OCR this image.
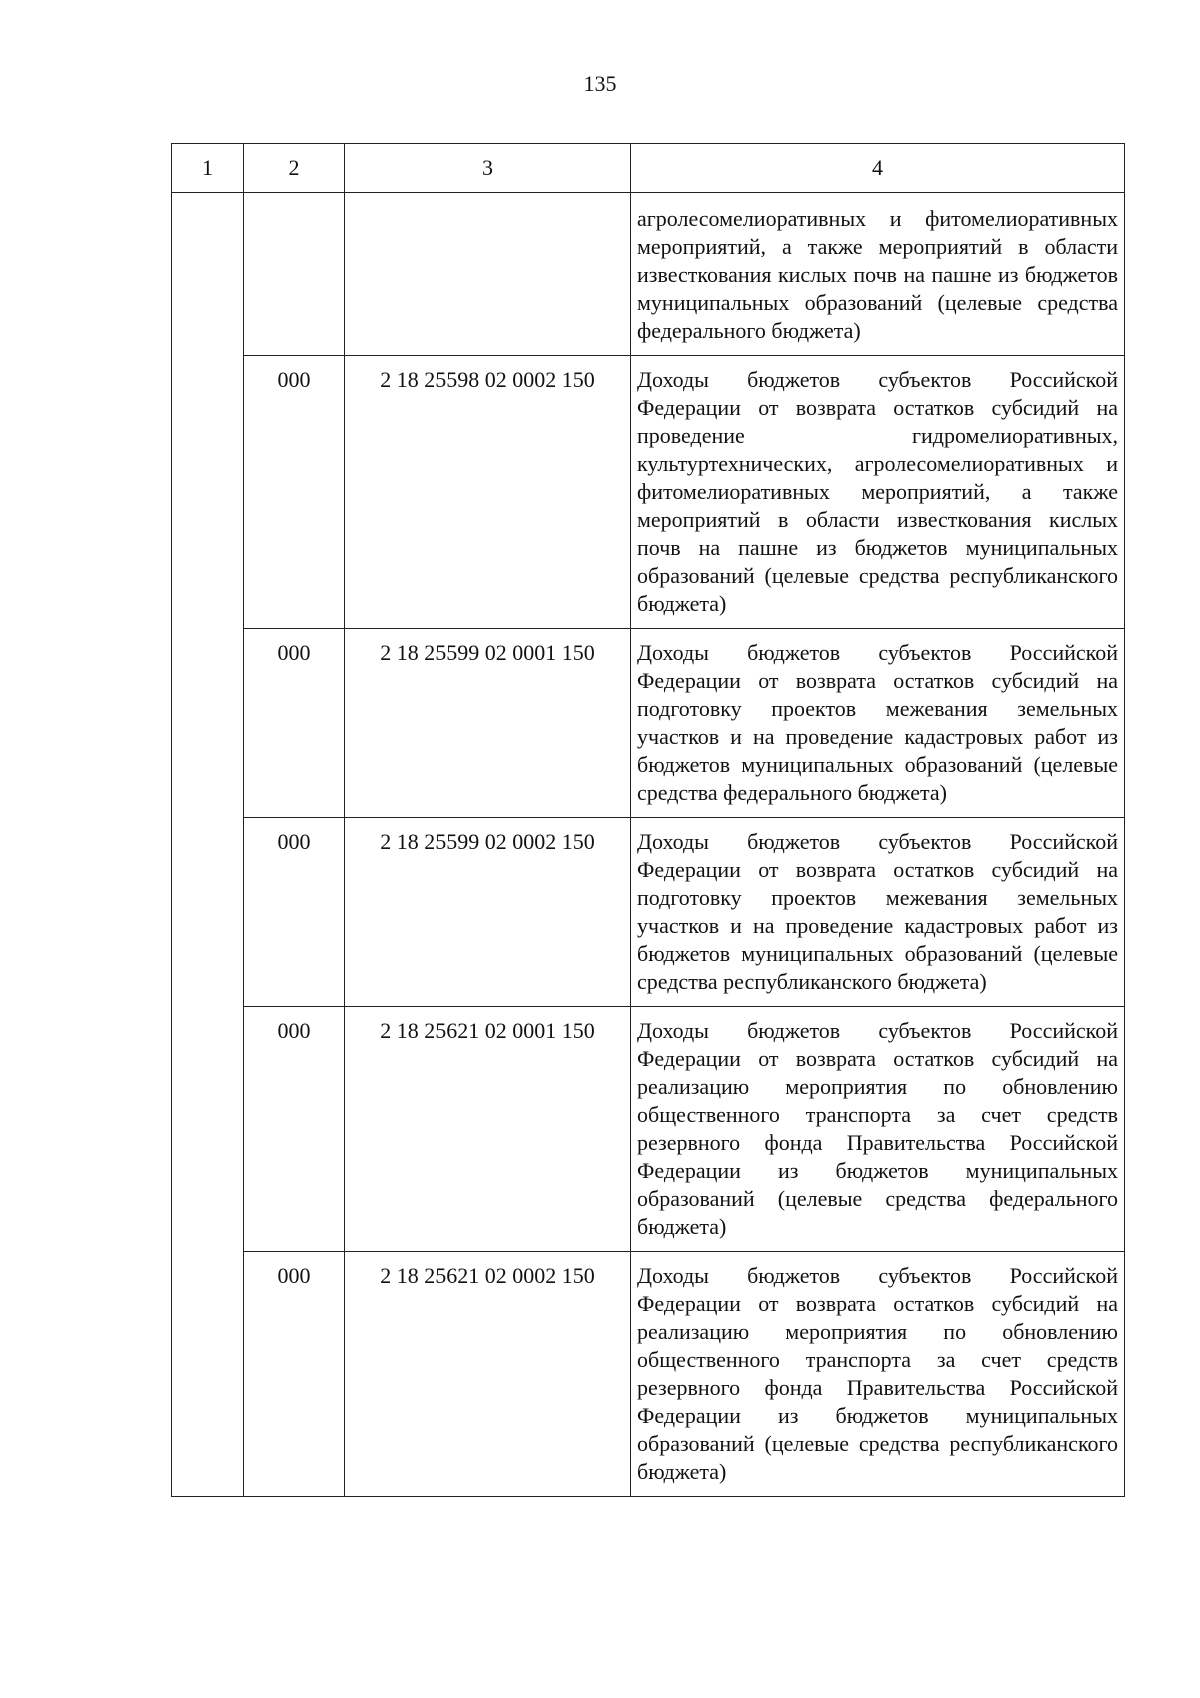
135
1	2	3	4

			агролесомелиоративных и фитомелиоративных мероприятий, а также мероприятий в области известкования кислых почв на пашне из бюджетов муниципальных образований (целевые средства федерального бюджета)

	000	2 18 25598 02 0002 150	Доходы бюджетов субъектов Российской Федерации от возврата остатков субсидий на проведение гидромелиоративных, культуртехнических, агролесомелиоративных и фитомелиоративных мероприятий, а также мероприятий в области известкования кислых почв на пашне из бюджетов муниципальных образований (целевые средства республиканского бюджета)

	000	2 18 25599 02 0001 150	Доходы бюджетов субъектов Российской Федерации от возврата остатков субсидий на подготовку проектов межевания земельных участков и на проведение кадастровых работ из бюджетов муниципальных образований (целевые средства федерального бюджета)

	000	2 18 25599 02 0002 150	Доходы бюджетов субъектов Российской Федерации от возврата остатков субсидий на подготовку проектов межевания земельных участков и на проведение кадастровых работ из бюджетов муниципальных образований (целевые средства республиканского бюджета)

	000	2 18 25621 02 0001 150	Доходы бюджетов субъектов Российской Федерации от возврата остатков субсидий на реализацию мероприятия по обновлению общественного транспорта за счет средств резервного фонда Правительства Российской Федерации из бюджетов муниципальных образований (целевые средства федерального бюджета)

	000	2 18 25621 02 0002 150	Доходы бюджетов субъектов Российской Федерации от возврата остатков субсидий на реализацию мероприятия по обновлению общественного транспорта за счет средств резервного фонда Правительства Российской Федерации из бюджетов муниципальных образований (целевые средства республиканского бюджета)
